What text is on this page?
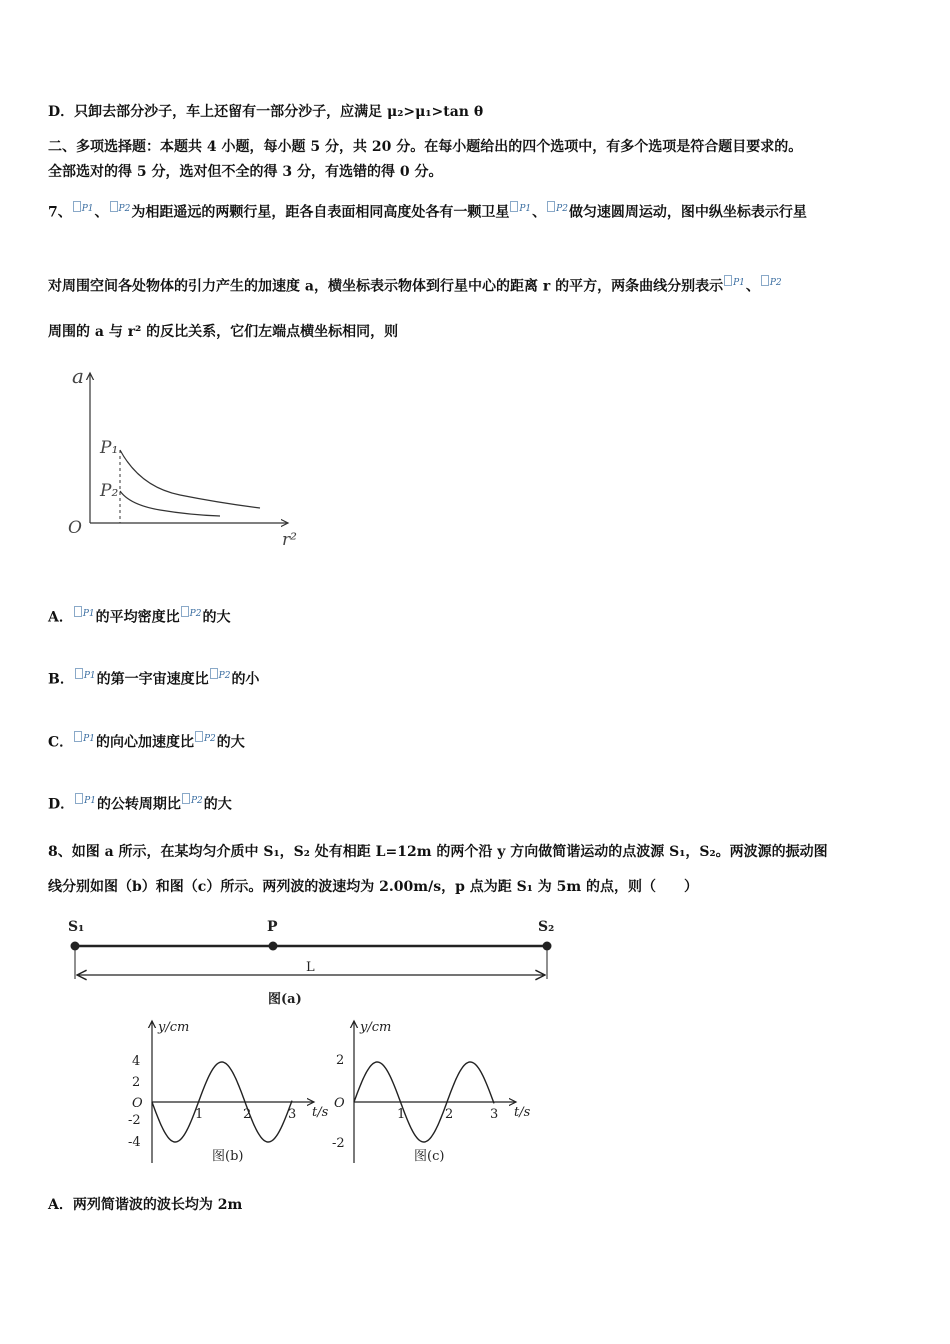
D．只卸去部分沙子，车上还留有一部分沙子，应满足 μ₂>μ₁>tan θ
二、多项选择题：本题共 4 小题，每小题 5 分，共 20 分。在每小题给出的四个选项中，有多个选项是符合题目要求的。
全部选对的得 5 分，选对但不全的得 3 分，有选错的得 0 分。
7、 P1、 P2为相距遥远的两颗行星，距各自表面相同高度处各有一颗卫星 P1、 P2做匀速圆周运动，图中纵坐标表示行星
对周围空间各处物体的引力产生的加速度 a，横坐标表示物体到行星中心的距离 r 的平方，两条曲线分别表示 P1、 P2
周围的 a 与 r² 的反比关系，它们左端点横坐标相同，则
a
r²
O
P₁
P₂
A． P1的平均密度比 P2的大
B． P1的第一宇宙速度比 P2的小
C． P1的向心加速度比 P2的大
D． P1的公转周期比 P2的大
8、如图 a 所示，在某均匀介质中 S₁，S₂ 处有相距 L=12m 的两个沿 y 方向做简谐运动的点波源 S₁，S₂。两波源的振动图
线分别如图（b）和图（c）所示。两列波的波速均为 2.00m/s，p 点为距 S₁ 为 5m 的点，则（　　）
S₁	P	S₂
L
图(a)
y/cm
t/s
O
4
2
-2
-4
1	2	3
图(b)
y/cm
t/s
O
2
-2
1	2	3
图(c)
A．两列简谐波的波长均为 2m
